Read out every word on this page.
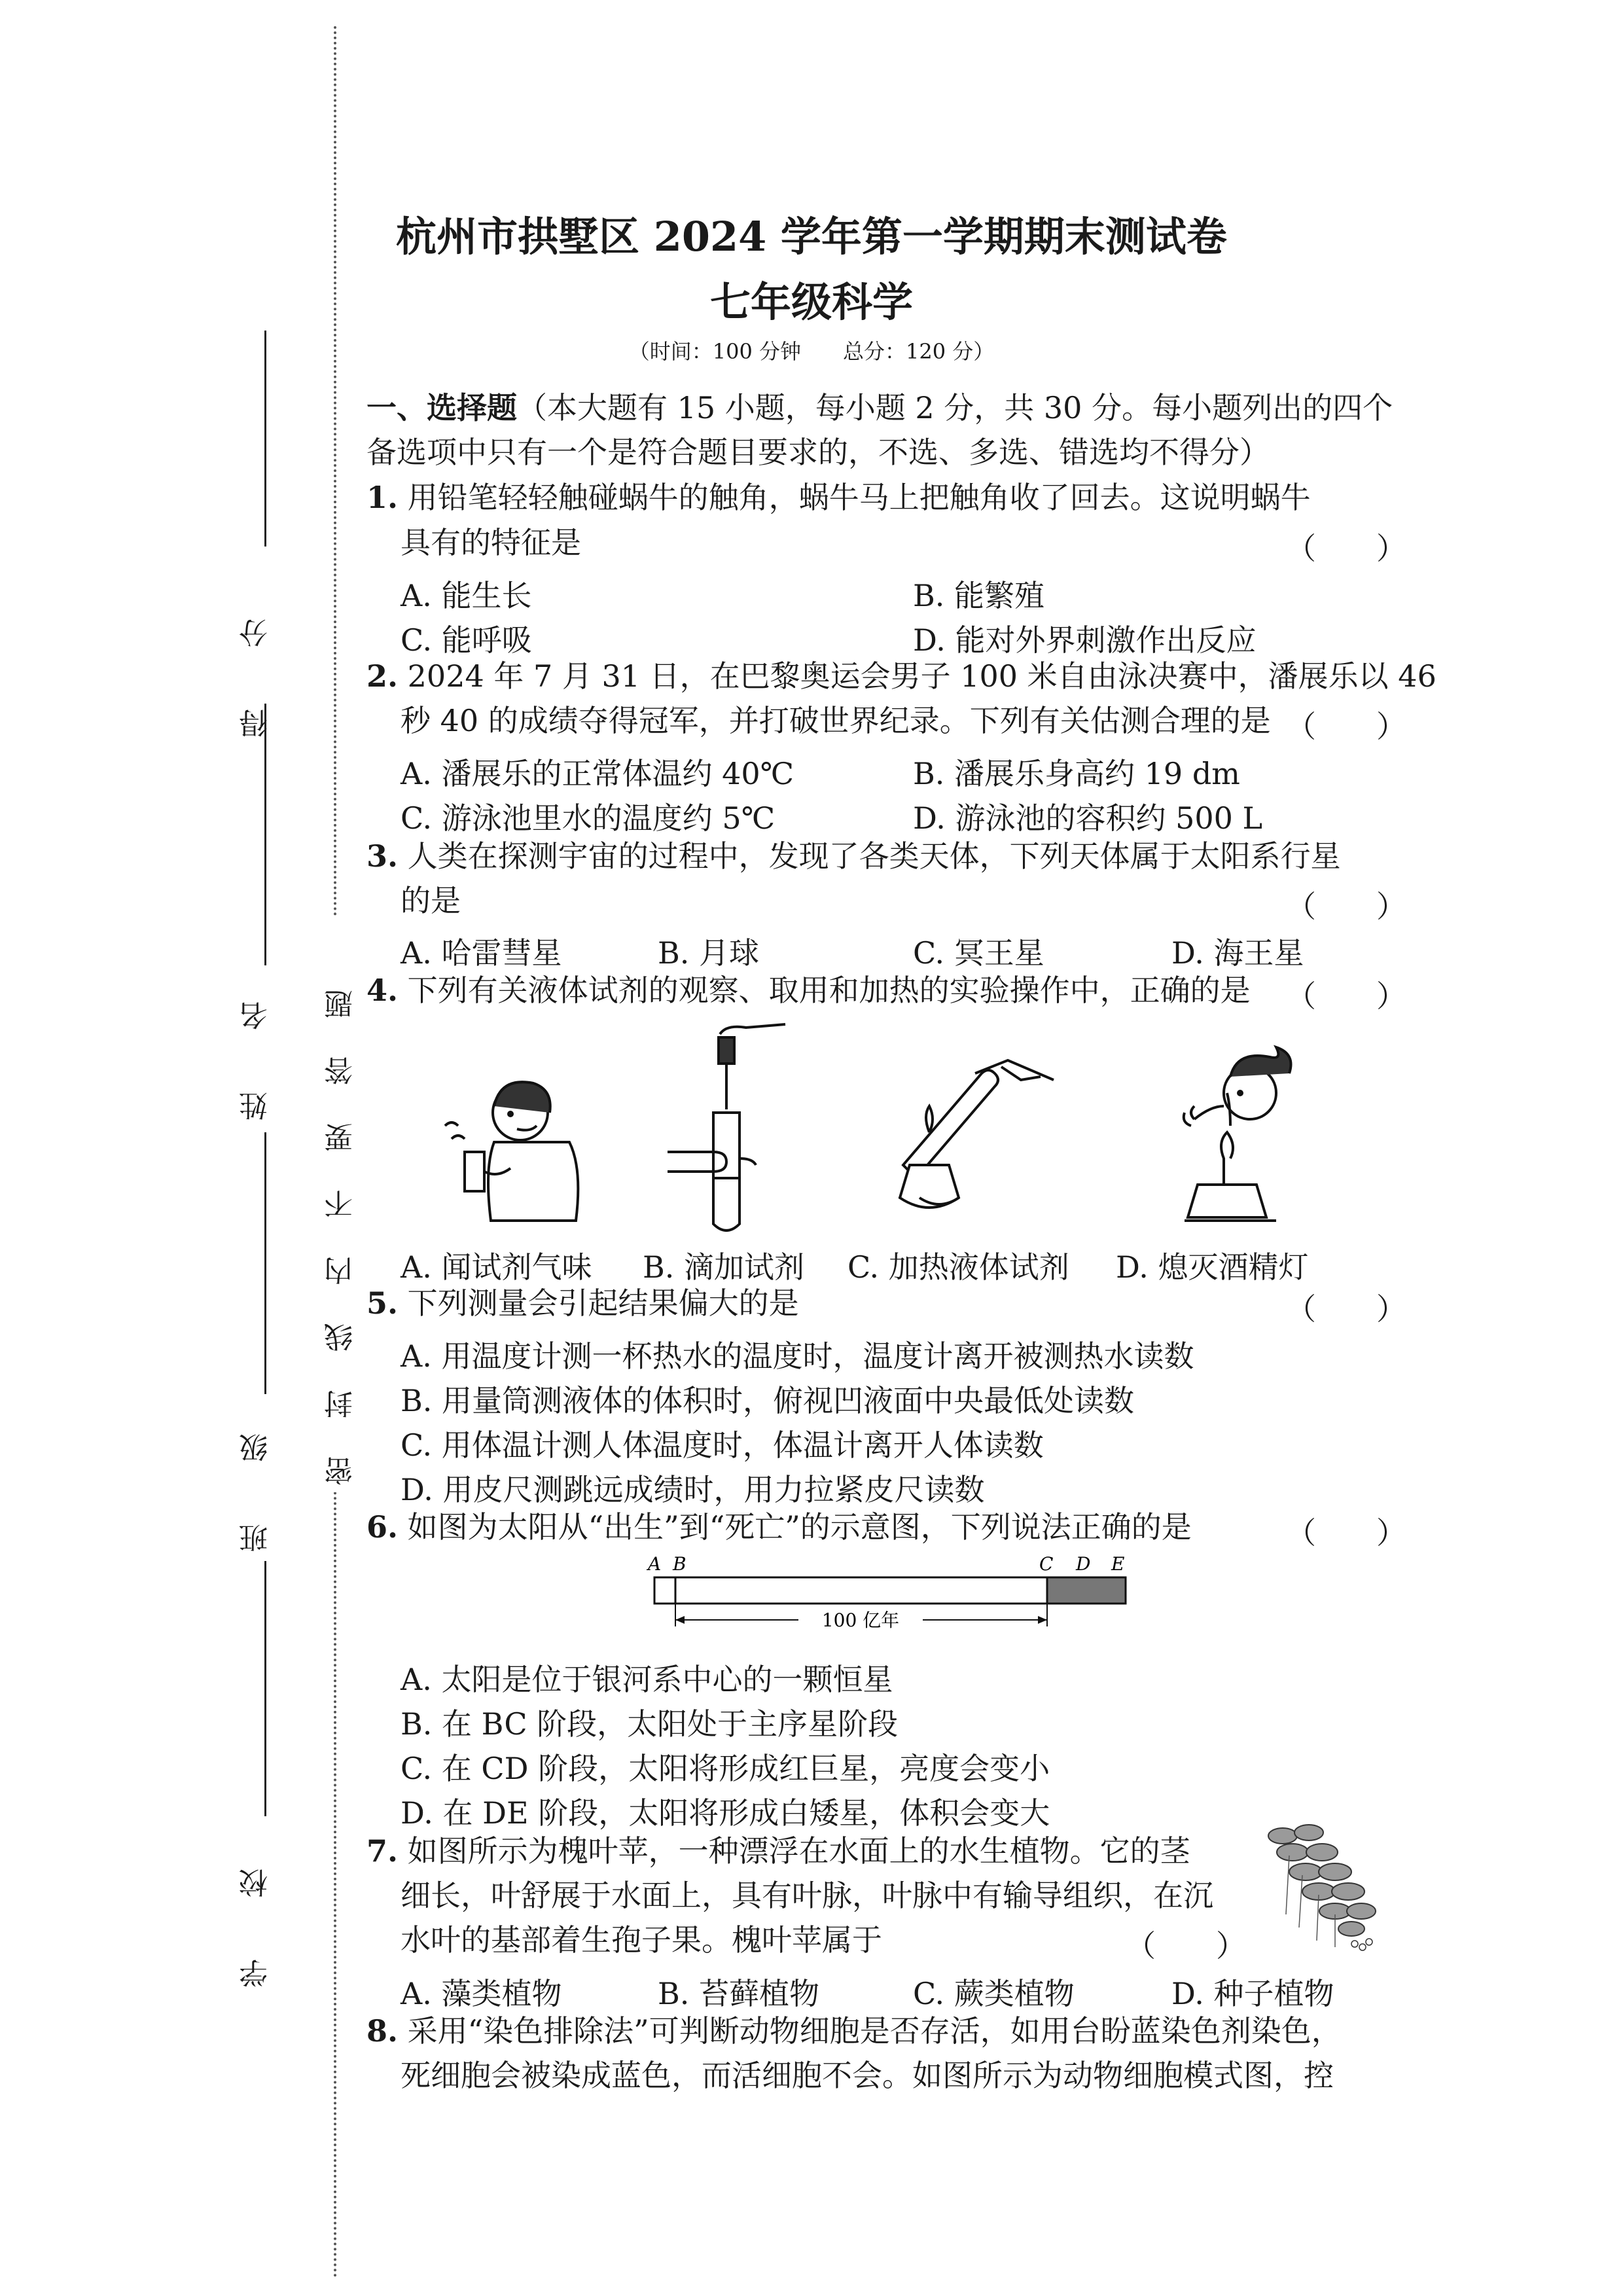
密 封 线 内 不 要 答 题
得 分
姓 名
班 级
学 校
杭州市拱墅区 2024 学年第一学期期末测试卷
七年级科学
（时间：100 分钟　　总分：120 分）
一、选择题（本大题有 15 小题，每小题 2 分，共 30 分。每小题列出的四个
备选项中只有一个是符合题目要求的，不选、多选、错选均不得分）
1. 用铅笔轻轻触碰蜗牛的触角，蜗牛马上把触角收了回去。这说明蜗牛
具有的特征是	（　　）
A. 能生长	B. 能繁殖
C. 能呼吸	D. 能对外界刺激作出反应
2. 2024 年 7 月 31 日，在巴黎奥运会男子 100 米自由泳决赛中，潘展乐以 46
秒 40 的成绩夺得冠军，并打破世界纪录。下列有关估测合理的是 （　　）
A. 潘展乐的正常体温约 40℃	B. 潘展乐身高约 19 dm
C. 游泳池里水的温度约 5℃	D. 游泳池的容积约 500 L
3. 人类在探测宇宙的过程中，发现了各类天体，下列天体属于太阳系行星
的是	（　　）
A. 哈雷彗星	B. 月球	C. 冥王星	D. 海王星
4. 下列有关液体试剂的观察、取用和加热的实验操作中，正确的是 （　　）
A. 闻试剂气味 B. 滴加试剂 C. 加热液体试剂 D. 熄灭酒精灯
5. 下列测量会引起结果偏大的是	（　　）
A. 用温度计测一杯热水的温度时，温度计离开被测热水读数
B. 用量筒测液体的体积时，俯视凹液面中央最低处读数
C. 用体温计测人体温度时，体温计离开人体读数
D. 用皮尺测跳远成绩时，用力拉紧皮尺读数
6. 如图为太阳从“出生”到“死亡”的示意图，下列说法正确的是	（　　）
A B	C D E
100 亿年
A. 太阳是位于银河系中心的一颗恒星
B. 在 BC 阶段，太阳处于主序星阶段
C. 在 CD 阶段，太阳将形成红巨星，亮度会变小
D. 在 DE 阶段，太阳将形成白矮星，体积会变大
7. 如图所示为槐叶苹，一种漂浮在水面上的水生植物。它的茎
细长，叶舒展于水面上，具有叶脉，叶脉中有输导组织，在沉
水叶的基部着生孢子果。槐叶苹属于	（　　）
A. 藻类植物	B. 苔藓植物	C. 蕨类植物	D. 种子植物
8. 采用“染色排除法”可判断动物细胞是否存活，如用台盼蓝染色剂染色，
死细胞会被染成蓝色，而活细胞不会。如图所示为动物细胞模式图，控
